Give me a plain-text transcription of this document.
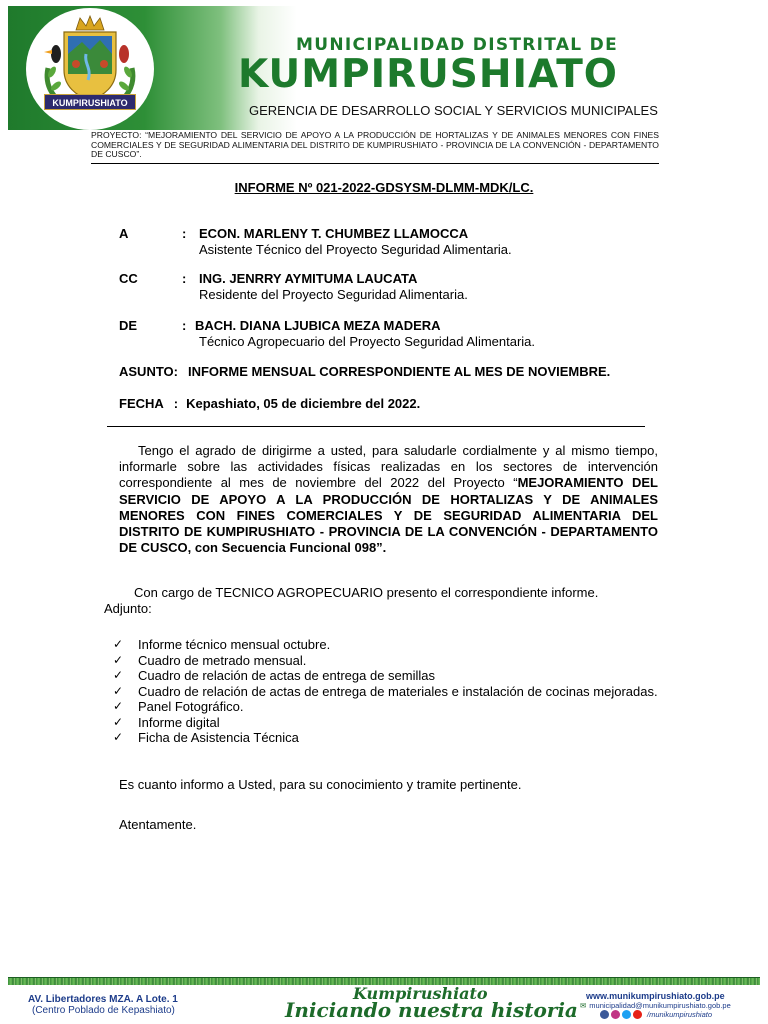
KUMPIRUSHIATO
MUNICIPALIDAD DISTRITAL DE
KUMPIRUSHIATO
GERENCIA DE DESARROLLO SOCIAL Y SERVICIOS MUNICIPALES
PROYECTO: “MEJORAMIENTO DEL SERVICIO DE APOYO A LA PRODUCCIÓN DE HORTALIZAS Y DE ANIMALES MENORES CON FINES COMERCIALES Y DE SEGURIDAD ALIMENTARIA DEL DISTRITO DE KUMPIRUSHIATO - PROVINCIA DE LA CONVENCIÓN - DEPARTAMENTO DE CUSCO”.
INFORME Nº 021-2022-GDSYSM-DLMM-MDK/LC.
A	: ECON. MARLENY T. CHUMBEZ LLAMOCCA
Asistente Técnico del Proyecto Seguridad Alimentaria.
CC	: ING. JENRRY AYMITUMA LAUCATA
Residente del Proyecto Seguridad Alimentaria.
DE	: BACH. DIANA LJUBICA MEZA MADERA
Técnico Agropecuario del Proyecto Seguridad Alimentaria.
ASUNTO: INFORME MENSUAL CORRESPONDIENTE AL MES DE NOVIEMBRE.
FECHA : Kepashiato, 05 de diciembre del 2022.

Tengo el agrado de dirigirme a usted, para saludarle cordialmente y al mismo tiempo, informarle sobre las actividades físicas realizadas en los sectores de intervención correspondiente al mes de noviembre del 2022 del Proyecto “MEJORAMIENTO DEL SERVICIO DE APOYO A LA PRODUCCIÓN DE HORTALIZAS Y DE ANIMALES MENORES CON FINES COMERCIALES Y DE SEGURIDAD ALIMENTARIA DEL DISTRITO DE KUMPIRUSHIATO - PROVINCIA DE LA CONVENCIÓN - DEPARTAMENTO DE CUSCO, con Secuencia Funcional 098”.

Con cargo de TECNICO AGROPECUARIO presento el correspondiente informe.
Adjunto:

✓ Informe técnico mensual octubre.
✓ Cuadro de metrado mensual.
✓ Cuadro de relación de actas de entrega de semillas
✓ Cuadro de relación de actas de entrega de materiales e instalación de cocinas mejoradas.
✓ Panel Fotográfico.
✓ Informe digital
✓ Ficha de Asistencia Técnica
Es cuanto informo a Usted, para su conocimiento y tramite pertinente.
Atentamente.
AV. Libertadores MZA. A Lote. 1
(Centro Poblado de Kepashiato)
Kumpirushiato
Iniciando nuestra historia
www.munikumpirushiato.gob.pe
✉ municipalidad@munikumpirushiato.gob.pe
/munikumpirushiato
